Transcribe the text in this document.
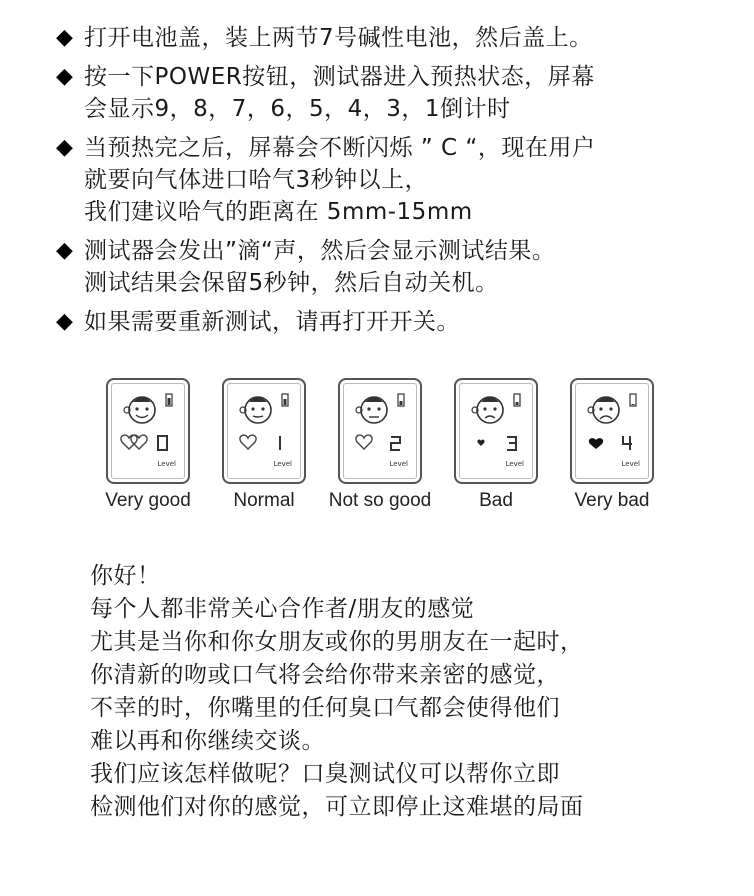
◆ 打开电池盖，装上两节7号碱性电池，然后盖上。
◆ 按一下POWER按钮，测试器进入预热状态，屏幕
会显示9，8，7，6，5，4，3，1倒计时
◆ 当预热完之后，屏幕会不断闪烁 ” C “，现在用户
就要向气体进口哈气3秒钟以上，
我们建议哈气的距离在 5mm-15mm
◆ 测试器会发出”滴“声，然后会显示测试结果。
测试结果会保留5秒钟，然后自动关机。
◆ 如果需要重新测试，请再打开开关。
Level
Very good
Level
Normal
Level
Not so good
Level
Bad
Level
Very bad
你好！
每个人都非常关心合作者/朋友的感觉
尤其是当你和你女朋友或你的男朋友在一起时，
你清新的吻或口气将会给你带来亲密的感觉，
不幸的时，你嘴里的任何臭口气都会使得他们
难以再和你继续交谈。
我们应该怎样做呢？口臭测试仪可以帮你立即
检测他们对你的感觉，可立即停止这难堪的局面
